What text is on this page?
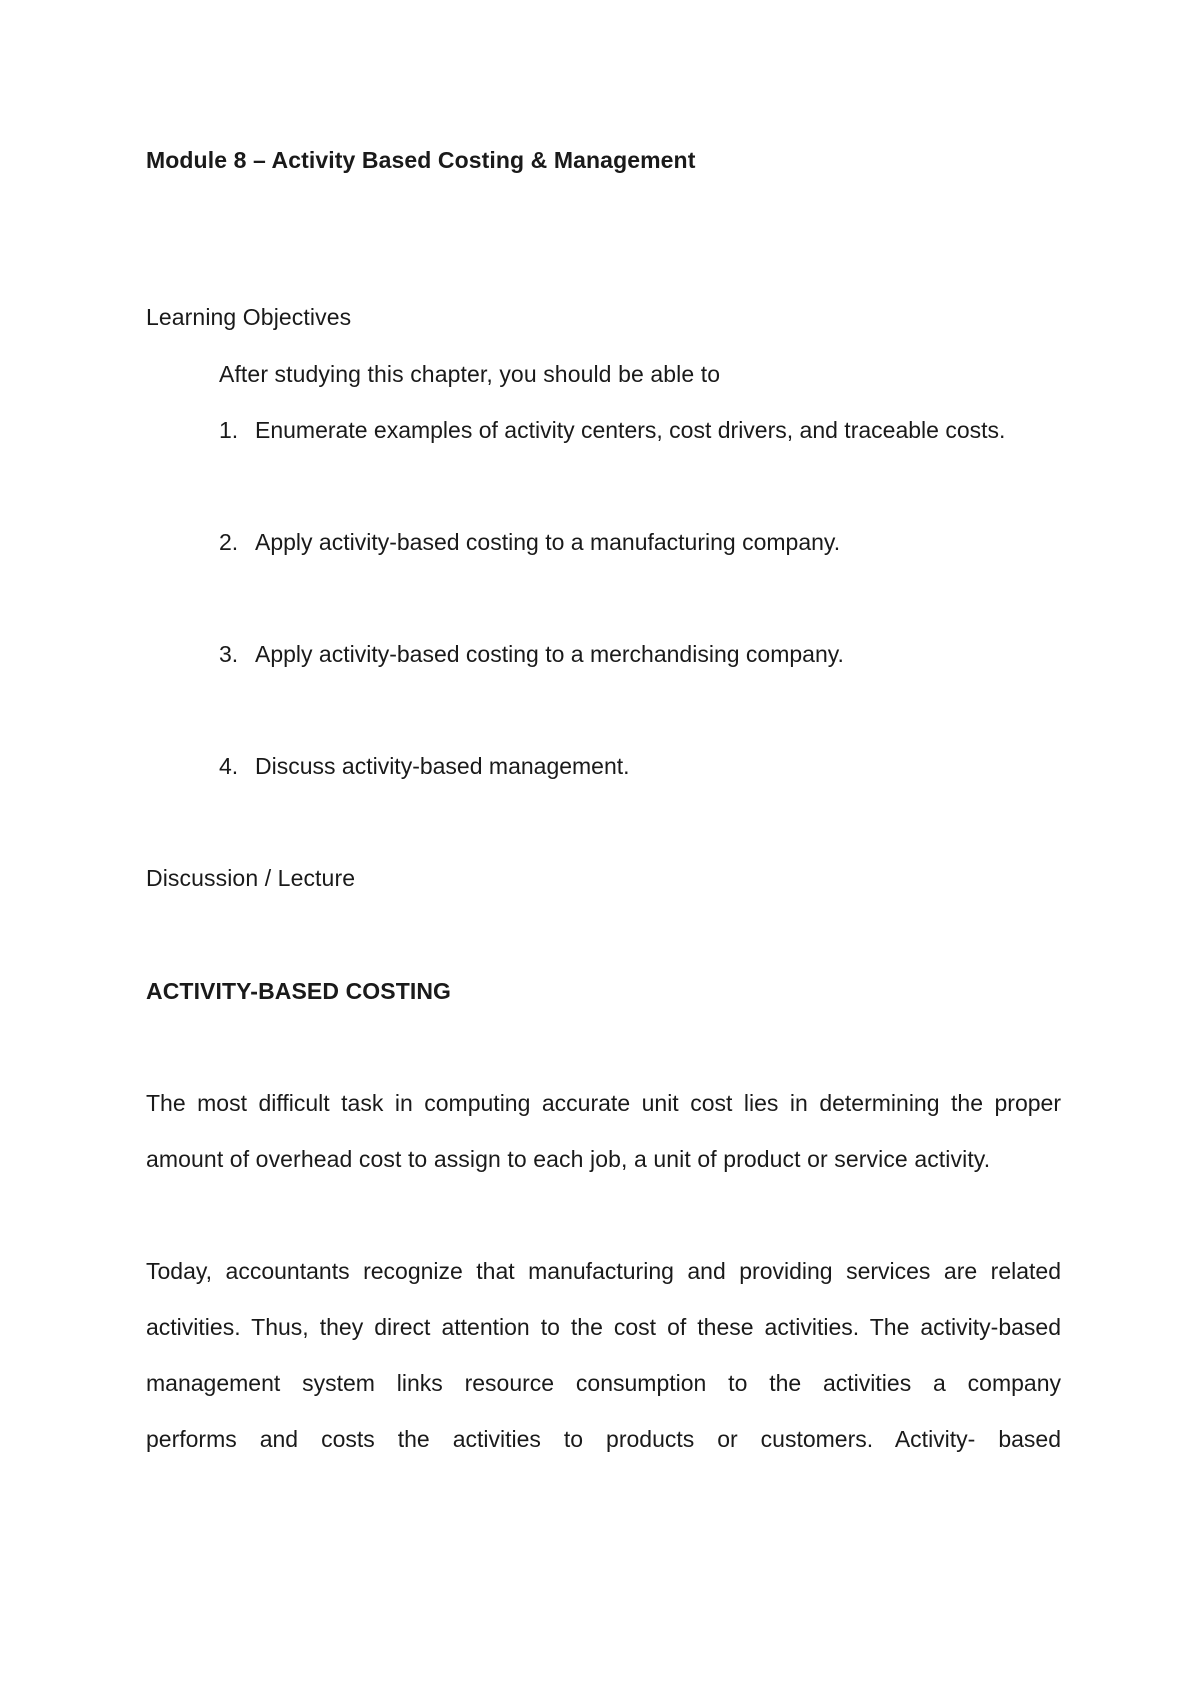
Module 8 – Activity Based Costing & Management
Learning Objectives
After studying this chapter, you should be able to
1. Enumerate examples of activity centers, cost drivers, and traceable costs.
2. Apply activity-based costing to a manufacturing company.
3. Apply activity-based costing to a merchandising company.
4. Discuss activity-based management.
Discussion / Lecture
ACTIVITY-BASED COSTING
The most difficult task in computing accurate unit cost lies in determining the proper
amount of overhead cost to assign to each job, a unit of product or service activity.
Today, accountants recognize that manufacturing and providing services are related
activities. Thus, they direct attention to the cost of these activities. The activity-based
management system links resource consumption to the activities a company
performs and costs the activities to products or customers. Activity- based
